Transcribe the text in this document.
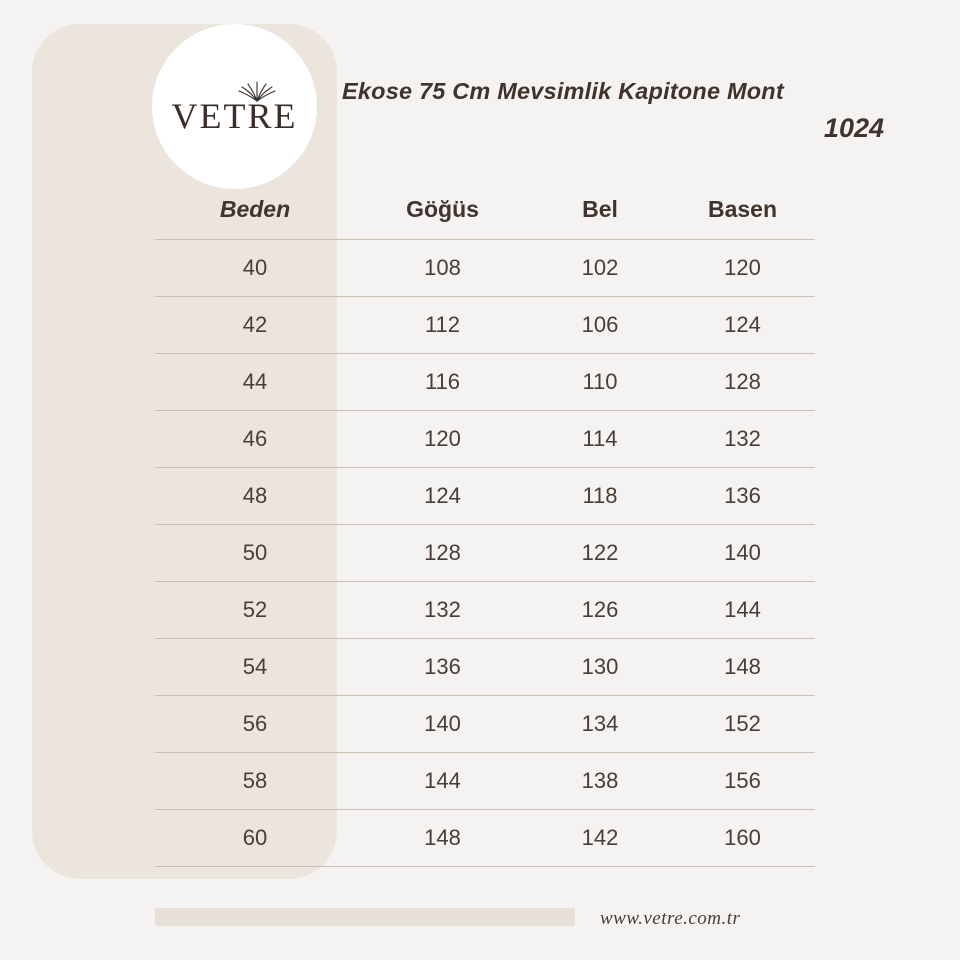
VETRE
Ekose 75 Cm Mevsimlik Kapitone Mont
1024
Beden	Göğüs	Bel	Basen
40	108	102	120
42	112	106	124
44	116	110	128
46	120	114	132
48	124	118	136
50	128	122	140
52	132	126	144
54	136	130	148
56	140	134	152
58	144	138	156
60	148	142	160
www.vetre.com.tr
